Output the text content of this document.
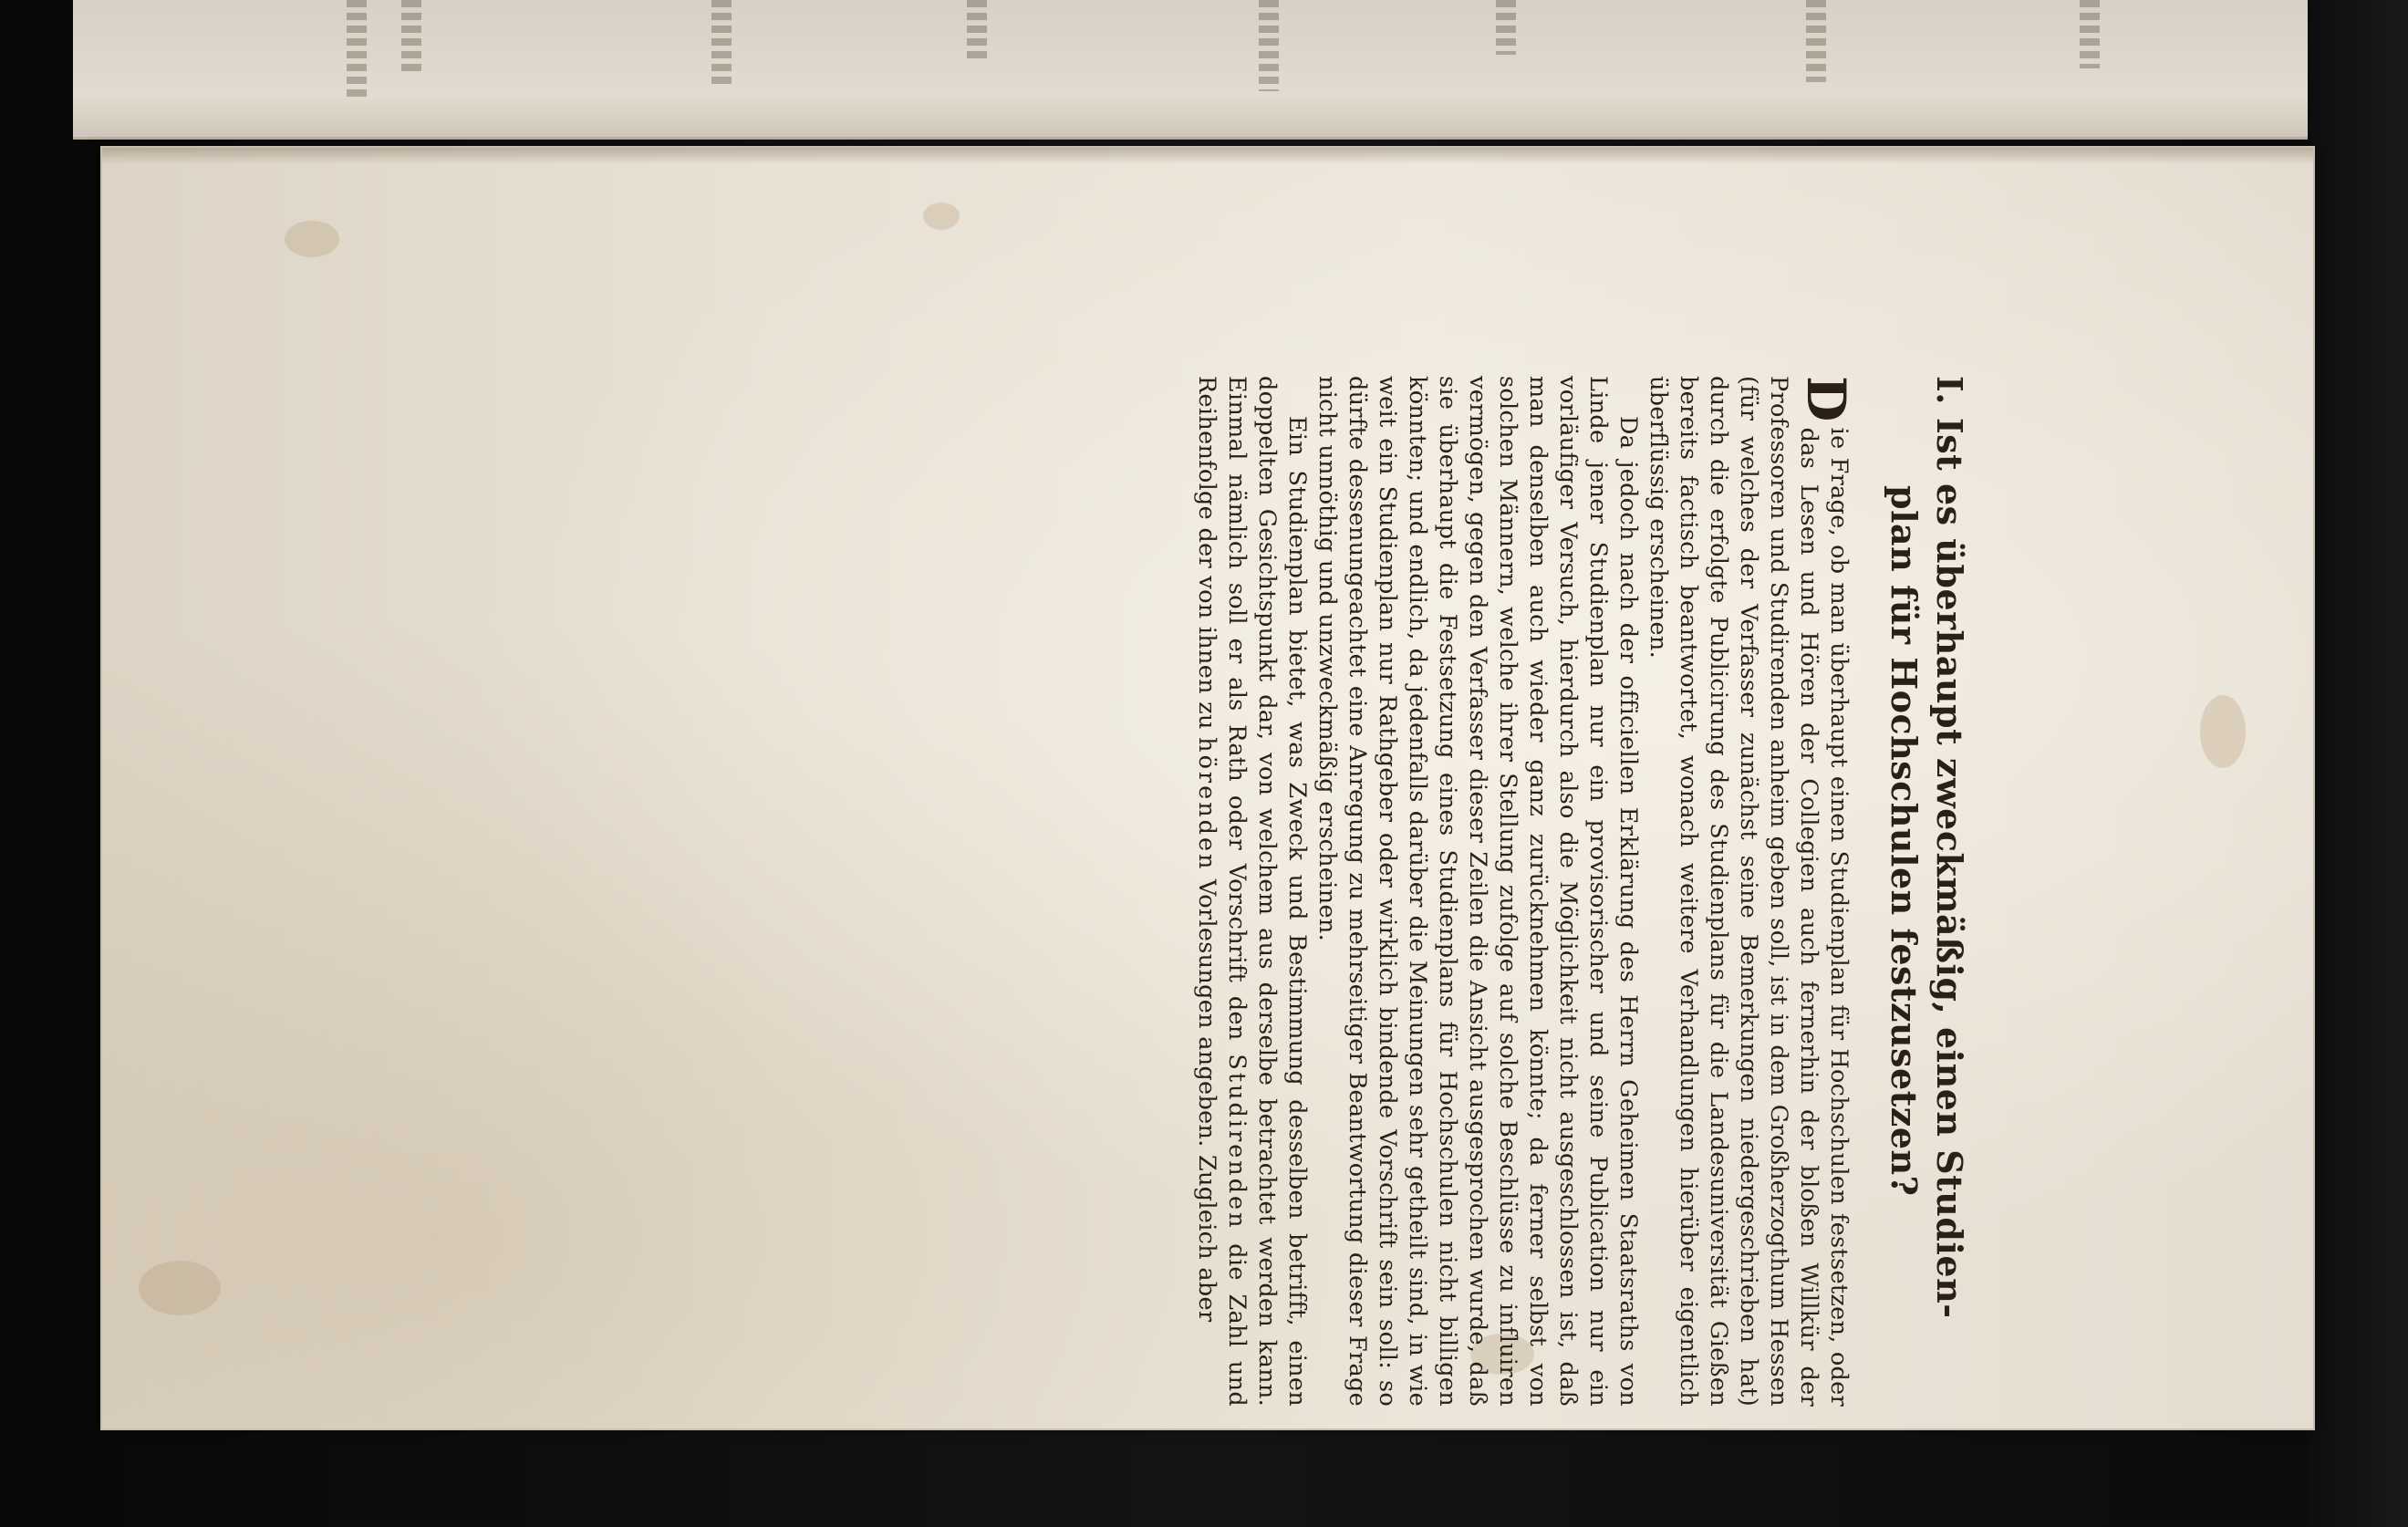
I.Ist es überhaupt zweckmäßig, einen Studien-
plan für Hochschulen festzusetzen?

D
ie Frage, ob man überhaupt einen Studienplan für Hochschulen festsetzen, oder das Lesen und Hören der Collegien auch fernerhin der bloßen Willkür der Professoren und Studirenden anheim geben soll, ist in dem Großherzogthum Hessen (für welches der Verfasser zunächst seine Bemerkungen niedergeschrieben hat) durch die erfolgte Publicirung des Studienplans für die Landesuniversität Gießen bereits factisch beantwortet, wonach weitere Verhandlungen hierüber eigentlich überflüssig erscheinen.

Da jedoch nach der officiellen Erklärung des Herrn Geheimen Staatsraths von Linde jener Studienplan nur ein provisorischer und seine Publication nur ein vorläufiger Versuch, hierdurch also die Möglichkeit nicht ausgeschlossen ist, daß man denselben auch wieder ganz zurücknehmen könnte; da ferner selbst von solchen Männern, welche ihrer Stellung zufolge auf solche Beschlüsse zu influiren vermögen, gegen den Verfasser dieser Zeilen die Ansicht ausgesprochen wurde, daß sie überhaupt die Festsetzung eines Studienplans für Hochschulen nicht billigen könnten; und endlich, da jedenfalls darüber die Meinungen sehr getheilt sind, in wie weit ein Studienplan nur Rathgeber oder wirklich bindende Vorschrift sein soll: so dürfte dessenungeachtet eine Anregung zu mehrseitiger Beantwortung dieser Frage nicht unnöthig und unzweckmäßig erscheinen.

Ein Studienplan bietet, was Zweck und Bestimmung desselben betrifft, einen doppelten Gesichtspunkt dar, von welchem aus derselbe betrachtet werden kann. Einmal nämlich soll er als Rath oder Vorschrift den Studirenden die Zahl und Reihenfolge der von ihnen zu hörenden Vorlesungen angeben. Zugleich aber
